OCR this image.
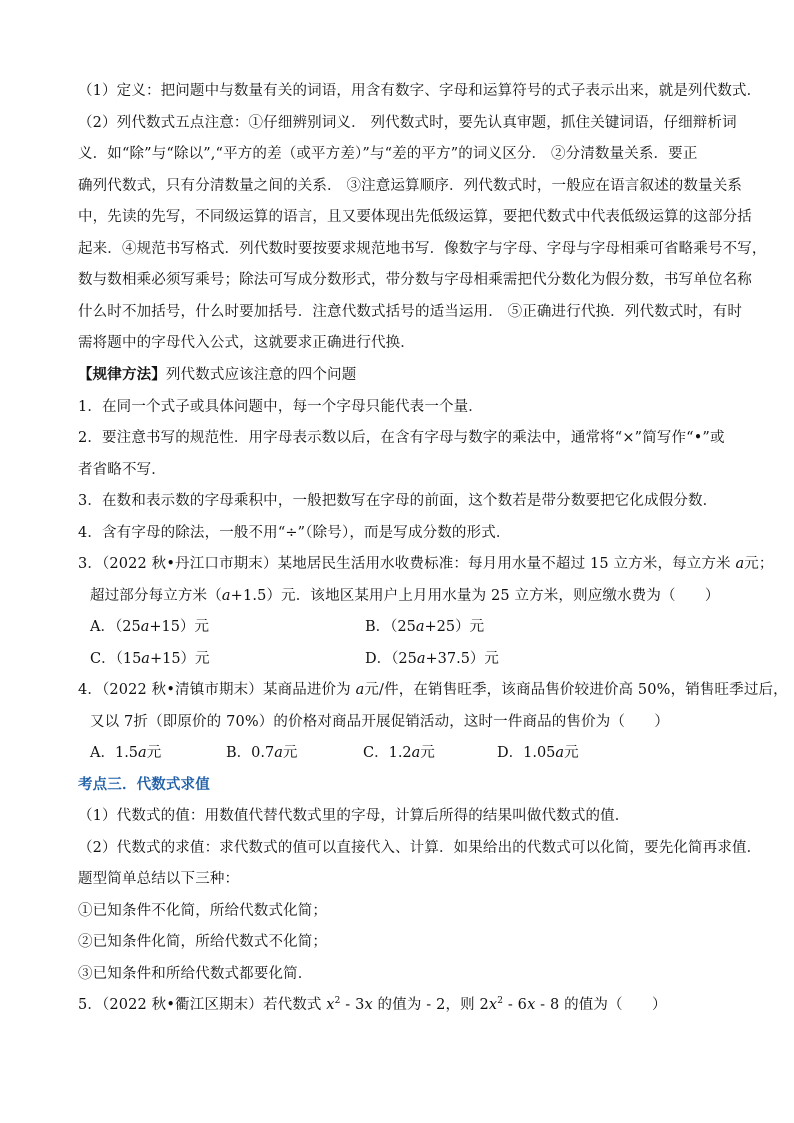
（1）定义：把问题中与数量有关的词语，用含有数字、字母和运算符号的式子表示出来，就是列代数式．
（2）列代数式五点注意：①仔细辨别词义． 列代数式时，要先认真审题，抓住关键词语，仔细辩析词
义．如“除”与“除以”,“平方的差（或平方差）”与“差的平方”的词义区分． ②分清数量关系．要正
确列代数式，只有分清数量之间的关系． ③注意运算顺序．列代数式时，一般应在语言叙述的数量关系
中，先读的先写，不同级运算的语言，且又要体现出先低级运算，要把代数式中代表低级运算的这部分括
起来．④规范书写格式．列代数时要按要求规范地书写．像数字与字母、字母与字母相乘可省略乘号不写，
数与数相乘必须写乘号；除法可写成分数形式，带分数与字母相乘需把代分数化为假分数，书写单位名称
什么时不加括号，什么时要加括号．注意代数式括号的适当运用． ⑤正确进行代换．列代数式时，有时
需将题中的字母代入公式，这就要求正确进行代换．
【规律方法】列代数式应该注意的四个问题
1．在同一个式子或具体问题中，每一个字母只能代表一个量．
2．要注意书写的规范性．用字母表示数以后，在含有字母与数字的乘法中，通常将“×”简写作“•”或
者省略不写．
3．在数和表示数的字母乘积中，一般把数写在字母的前面，这个数若是带分数要把它化成假分数．
4．含有字母的除法，一般不用“÷”（除号），而是写成分数的形式．
3．（2022 秋•丹江口市期末）某地居民生活用水收费标准：每月用水量不超过 15 立方米，每立方米 a元；
超过部分每立方米（a+1.5）元．该地区某用户上月用水量为 25 立方米，则应缴水费为（　　）
A．（25a+15）元	B．（25a+25）元
C．（15a+15）元	D．（25a+37.5）元
4．（2022 秋•清镇市期末）某商品进价为 a元/件，在销售旺季，该商品售价较进价高 50%，销售旺季过后，
又以 7折（即原价的 70%）的价格对商品开展促销活动，这时一件商品的售价为（　　）
A．1.5a元	B．0.7a元	C．1.2a元	D．1.05a元
考点三．代数式求值
（1）代数式的值：用数值代替代数式里的字母，计算后所得的结果叫做代数式的值．
（2）代数式的求值：求代数式的值可以直接代入、计算．如果给出的代数式可以化简，要先化简再求值．
题型简单总结以下三种：
①已知条件不化简，所给代数式化简；
②已知条件化简，所给代数式不化简；
③已知条件和所给代数式都要化简．
5．（2022 秋•衢江区期末）若代数式 $x^2 - 3x$ 的值为 - 2，则 $2x^2 - 6x - 8$ 的值为（　　）
